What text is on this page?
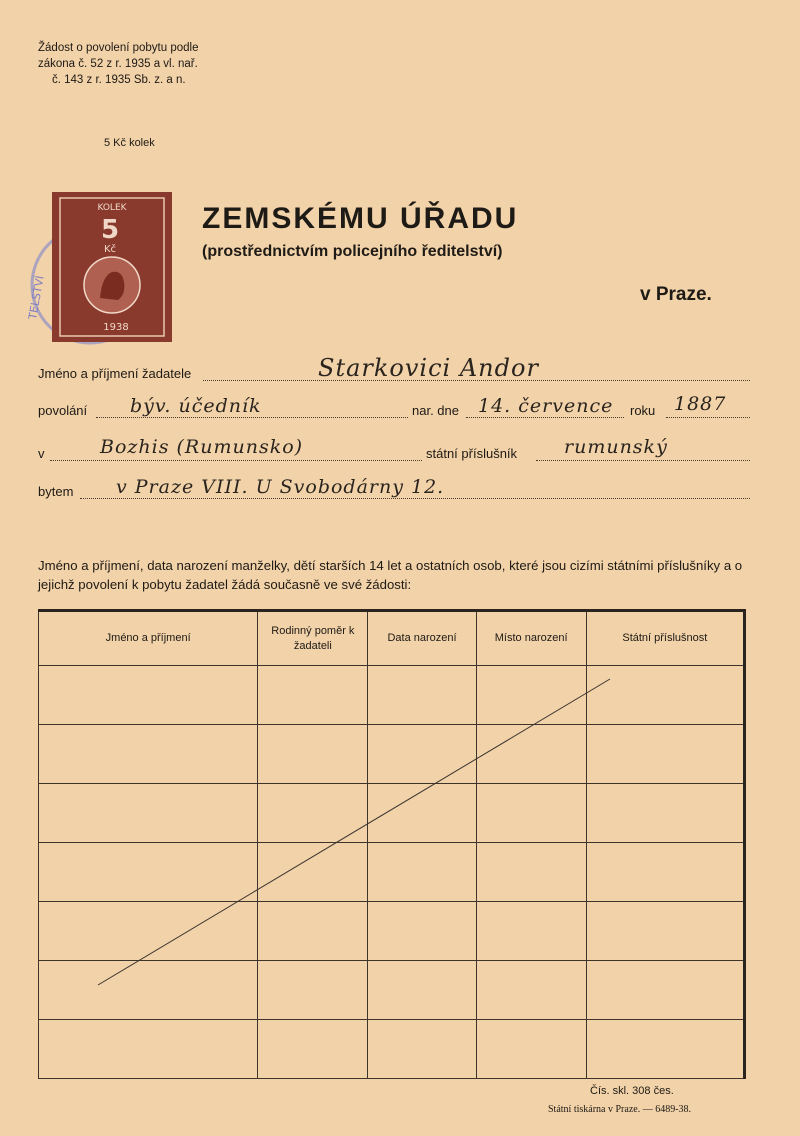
Žádost o povolení pobytu podle
zákona č. 52 z r. 1935 a vl. nař.
č. 143 z r. 1935 Sb. z. a n.
5 Kč kolek
TELSTVÍ
KOLEK
5
Kč
1938
ZEMSKÉMU ÚŘADU
(prostřednictvím policejního ředitelství)
v Praze.
Jméno a příjmení žadatele	Starkovici Andor
povolání býv. účedník	nar. dne 14. července roku 1887
v	Bozhis (Rumunsko)	státní příslušník rumunský
bytem v Praze VIII. U Svobodárny 12.
Jméno a příjmení, data narození manželky, dětí starších 14 let a ostatních osob, které jsou cizími státními příslušníky a o jejichž povolení k pobytu žadatel žádá současně ve své žádosti:
Jméno a příjmení	Rodinný poměr k žadateli	Data narození	Místo narození	Státní příslušnost

Čís. skl. 308 čes.
Státní tiskárna v Praze. — 6489-38.
